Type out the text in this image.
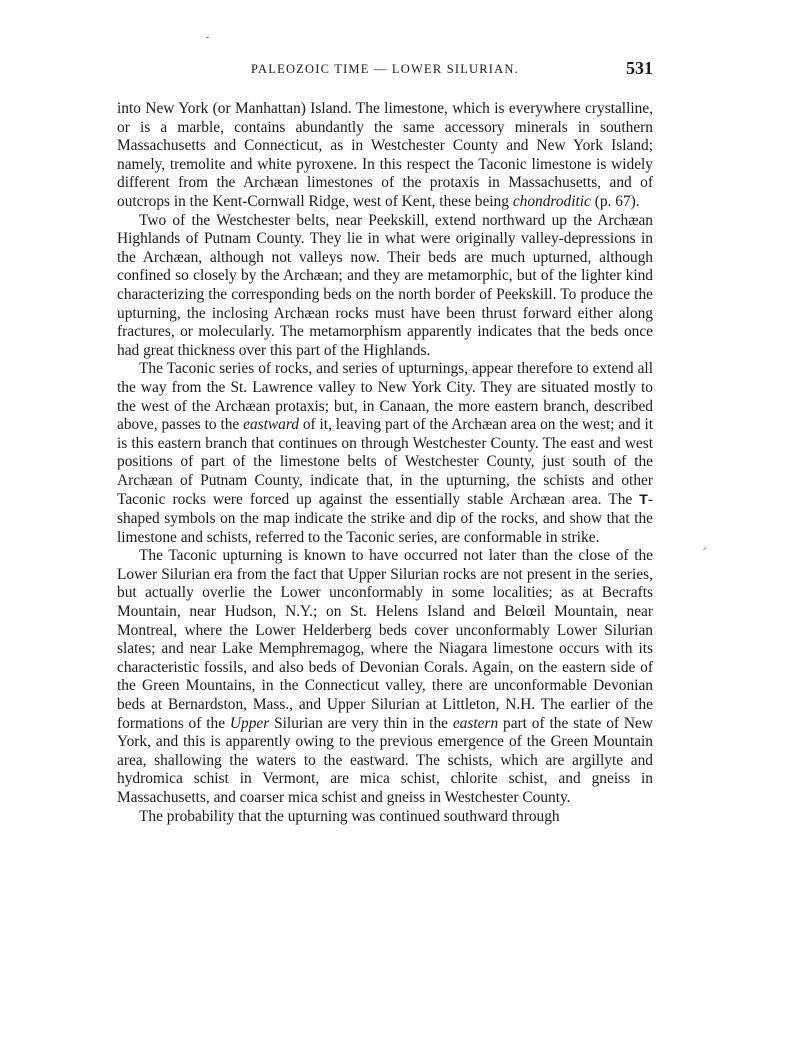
PALEOZOIC TIME — LOWER SILURIAN.	531

into New York (or Manhattan) Island. The limestone, which is everywhere crystalline, or is a marble, contains abundantly the same accessory minerals in southern Massachusetts and Connecticut, as in Westchester County and New York Island; namely, tremolite and white pyroxene. In this respect the Taconic limestone is widely different from the Archæan limestones of the protaxis in Massachusetts, and of outcrops in the Kent-Cornwall Ridge, west of Kent, these being chondroditic (p. 67).

Two of the Westchester belts, near Peekskill, extend northward up the Archæan Highlands of Putnam County. They lie in what were originally valley-depressions in the Archæan, although not valleys now. Their beds are much upturned, although confined so closely by the Archæan; and they are metamorphic, but of the lighter kind characterizing the corresponding beds on the north border of Peekskill. To produce the upturning, the inclosing Archæan rocks must have been thrust forward either along fractures, or molecularly. The metamorphism apparently indicates that the beds once had great thickness over this part of the Highlands.

The Taconic series of rocks, and series of upturnings, appear therefore to extend all the way from the St. Lawrence valley to New York City. They are situated mostly to the west of the Archæan protaxis; but, in Canaan, the more eastern branch, described above, passes to the eastward of it, leaving part of the Archæan area on the west; and it is this eastern branch that continues on through Westchester County. The east and west positions of part of the limestone belts of Westchester County, just south of the Archæan of Putnam County, indicate that, in the upturning, the schists and other Taconic rocks were forced up against the essentially stable Archæan area. The T-shaped symbols on the map indicate the strike and dip of the rocks, and show that the limestone and schists, referred to the Taconic series, are conformable in strike.

The Taconic upturning is known to have occurred not later than the close of the Lower Silurian era from the fact that Upper Silurian rocks are not present in the series, but actually overlie the Lower unconformably in some localities; as at Becrafts Mountain, near Hudson, N.Y.; on St. Helens Island and Belœil Mountain, near Montreal, where the Lower Helderberg beds cover unconformably Lower Silurian slates; and near Lake Memphremagog, where the Niagara limestone occurs with its characteristic fossils, and also beds of Devonian Corals. Again, on the eastern side of the Green Mountains, in the Connecticut valley, there are unconformable Devonian beds at Bernardston, Mass., and Upper Silurian at Littleton, N.H. The earlier of the formations of the Upper Silurian are very thin in the eastern part of the state of New York, and this is apparently owing to the previous emergence of the Green Mountain area, shallowing the waters to the eastward. The schists, which are argillyte and hydromica schist in Vermont, are mica schist, chlorite schist, and gneiss in Massachusetts, and coarser mica schist and gneiss in Westchester County.

The probability that the upturning was continued southward through
